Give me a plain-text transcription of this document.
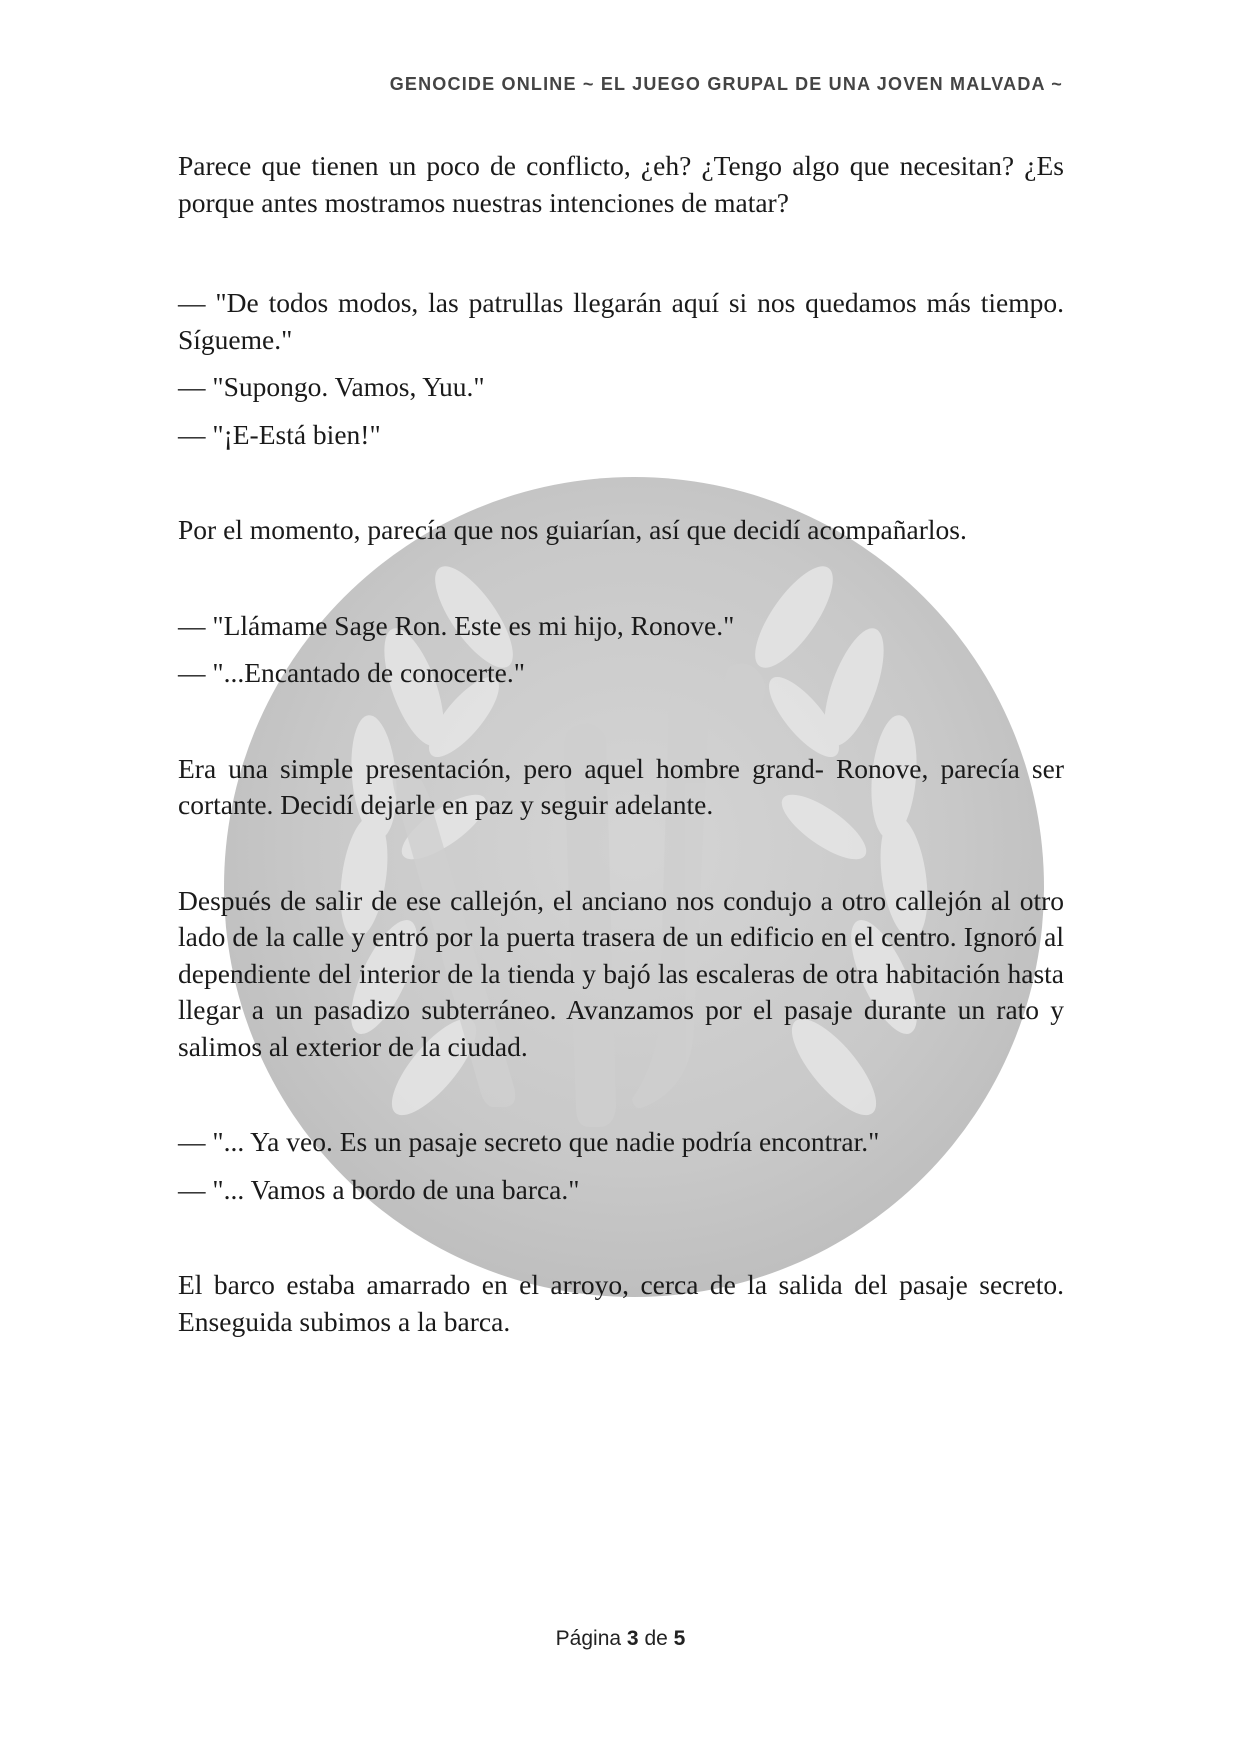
GENOCIDE ONLINE ~ EL JUEGO GRUPAL DE UNA JOVEN MALVADA ~

Parece que tienen un poco de conflicto, ¿eh? ¿Tengo algo que necesitan? ¿Es porque antes mostramos nuestras intenciones de matar?

— "De todos modos, las patrullas llegarán aquí si nos quedamos más tiempo. Sígueme."

— "Supongo. Vamos, Yuu."

— "¡E-Está bien!"

Por el momento, parecía que nos guiarían, así que decidí acompañarlos.

— "Llámame Sage Ron. Este es mi hijo, Ronove."

— "...Encantado de conocerte."

Era una simple presentación, pero aquel hombre grand- Ronove, parecía ser cortante. Decidí dejarle en paz y seguir adelante.

Después de salir de ese callejón, el anciano nos condujo a otro callejón al otro lado de la calle y entró por la puerta trasera de un edificio en el centro. Ignoró al dependiente del interior de la tienda y bajó las escaleras de otra habitación hasta llegar a un pasadizo subterráneo. Avanzamos por el pasaje durante un rato y salimos al exterior de la ciudad.

— "... Ya veo. Es un pasaje secreto que nadie podría encontrar."

— "... Vamos a bordo de una barca."

El barco estaba amarrado en el arroyo, cerca de la salida del pasaje secreto. Enseguida subimos a la barca.

Página 3 de 5
